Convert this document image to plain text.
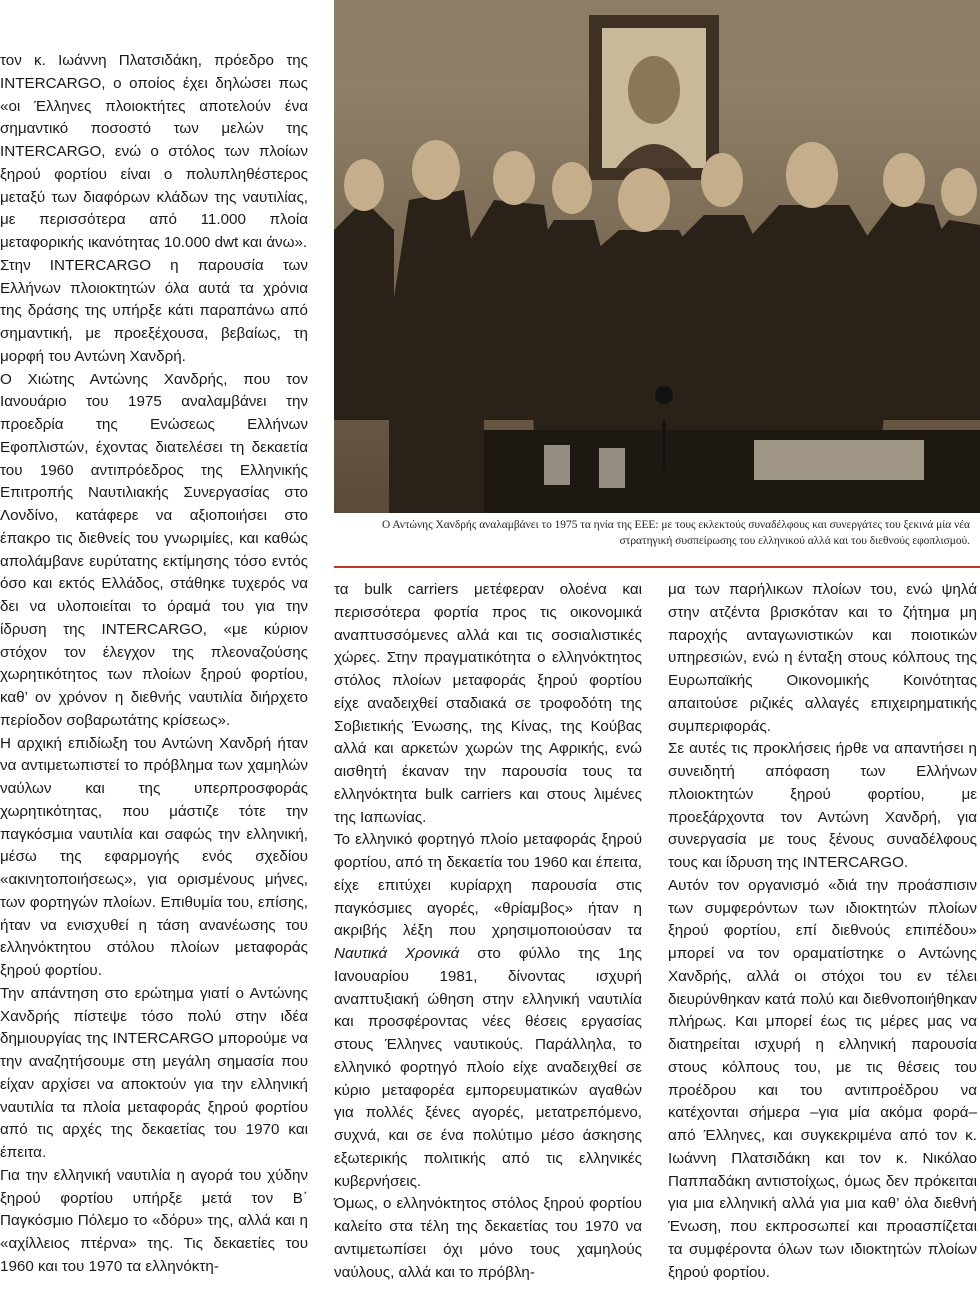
τον κ. Ιωάννη Πλατσιδάκη, πρόεδρο της INTERCARGO, ο οποίος έχει δηλώσει πως «οι Έλληνες πλοιοκτήτες αποτελούν ένα σημαντικό ποσοστό των μελών της INTERCARGO, ενώ ο στόλος των πλοίων ξηρού φορτίου είναι ο πολυπληθέστερος μεταξύ των διαφόρων κλάδων της ναυτιλίας, με περισσότερα από 11.000 πλοία μεταφορικής ικανότητας 10.000 dwt και άνω».

Στην INTERCARGO η παρουσία των Ελλήνων πλοιοκτητών όλα αυτά τα χρόνια της δράσης της υπήρξε κάτι παραπάνω από σημαντική, με προεξέχουσα, βεβαίως, τη μορφή του Αντώνη Χανδρή.

Ο Χιώτης Αντώνης Χανδρής, που τον Ιανουάριο του 1975 αναλαμβάνει την προεδρία της Ενώσεως Ελλήνων Εφοπλιστών, έχοντας διατελέσει τη δεκαετία του 1960 αντιπρόεδρος της Ελληνικής Επιτροπής Ναυτιλιακής Συνεργασίας στο Λονδίνο, κατάφερε να αξιοποιήσει στο έπακρο τις διεθνείς του γνωριμίες, και καθώς απολάμβανε ευρύτατης εκτίμησης τόσο εντός όσο και εκτός Ελλάδος, στάθηκε τυχερός να δει να υλοποιείται το όραμά του για την ίδρυση της INTERCARGO, «με κύριον στόχον τον έλεγχον της πλεοναζούσης χωρητικότητος των πλοίων ξηρού φορτίου, καθ’ ον χρόνον η διεθνής ναυτιλία διήρχετο περίοδον σοβαρωτάτης κρίσεως».

Η αρχική επιδίωξη του Αντώνη Χανδρή ήταν να αντιμετωπιστεί το πρόβλημα των χαμηλών ναύλων και της υπερπροσφοράς χωρητικότητας, που μάστιζε τότε την παγκόσμια ναυτιλία και σαφώς την ελληνική, μέσω της εφαρμογής ενός σχεδίου «ακινητοποιήσεως», για ορισμένους μήνες, των φορτηγών πλοίων. Επιθυμία του, επίσης, ήταν να ενισχυθεί η τάση ανανέωσης του ελληνόκτητου στόλου πλοίων μεταφοράς ξηρού φορτίου.

Την απάντηση στο ερώτημα γιατί ο Αντώνης Χανδρής πίστεψε τόσο πολύ στην ιδέα δημιουργίας της INTERCARGO μπορούμε να την αναζητήσουμε στη μεγάλη σημασία που είχαν αρχίσει να αποκτούν για την ελληνική ναυτιλία τα πλοία μεταφοράς ξηρού φορτίου από τις αρχές της δεκαετίας του 1970 και έπειτα.

Για την ελληνική ναυτιλία η αγορά του χύδην ξηρού φορτίου υπήρξε μετά τον Β΄ Παγκόσμιο Πόλεμο το «δόρυ» της, αλλά και η «αχίλλειος πτέρνα» της. Τις δεκαετίες του 1960 και του 1970 τα ελληνόκτη-

Ο Αντώνης Χανδρής αναλαμβάνει το 1975 τα ηνία της ΕΕΕ: με τους εκλεκτούς συναδέλφους και συνεργάτες του ξεκινά μία νέα στρατηγική συσπείρωσης του ελληνικού αλλά και του διεθνούς εφοπλισμού.

τα bulk carriers μετέφεραν ολοένα και περισσότερα φορτία προς τις οικονομικά αναπτυσσόμενες αλλά και τις σοσιαλιστικές χώρες. Στην πραγματικότητα ο ελληνόκτητος στόλος πλοίων μεταφοράς ξηρού φορτίου είχε αναδειχθεί σταδιακά σε τροφοδότη της Σοβιετικής Ένωσης, της Κίνας, της Κούβας αλλά και αρκετών χωρών της Αφρικής, ενώ αισθητή έκαναν την παρουσία τους τα ελληνόκτητα bulk carriers και στους λιμένες της Ιαπωνίας.

Το ελληνικό φορτηγό πλοίο μεταφοράς ξηρού φορτίου, από τη δεκαετία του 1960 και έπειτα, είχε επιτύχει κυρίαρχη παρουσία στις παγκόσμιες αγορές, «θρίαμβος» ήταν η ακριβής λέξη που χρησιμοποιούσαν τα Ναυτικά Χρονικά στο φύλλο της 1ης Ιανουαρίου 1981, δίνοντας ισχυρή αναπτυξιακή ώθηση στην ελληνική ναυτιλία και προσφέροντας νέες θέσεις εργασίας στους Έλληνες ναυτικούς. Παράλληλα, το ελληνικό φορτηγό πλοίο είχε αναδειχθεί σε κύριο μεταφορέα εμπορευματικών αγαθών για πολλές ξένες αγορές, μετατρεπόμενο, συχνά, και σε ένα πολύτιμο μέσο άσκησης εξωτερικής πολιτικής από τις ελληνικές κυβερνήσεις.

Όμως, ο ελληνόκτητος στόλος ξηρού φορτίου καλείτο στα τέλη της δεκαετίας του 1970 να αντιμετωπίσει όχι μόνο τους χαμηλούς ναύλους, αλλά και το πρόβλη-

μα των παρήλικων πλοίων του, ενώ ψηλά στην ατζέντα βρισκόταν και το ζήτημα μη παροχής ανταγωνιστικών και ποιοτικών υπηρεσιών, ενώ η ένταξη στους κόλπους της Ευρωπαϊκής Οικονομικής Κοινότητας απαιτούσε ριζικές αλλαγές επιχειρηματικής συμπεριφοράς.

Σε αυτές τις προκλήσεις ήρθε να απαντήσει η συνειδητή απόφαση των Ελλήνων πλοιοκτητών ξηρού φορτίου, με προεξάρχοντα τον Αντώνη Χανδρή, για συνεργασία με τους ξένους συναδέλφους τους και ίδρυση της INTERCARGO.

Αυτόν τον οργανισμό «διά την προάσπισιν των συμφερόντων των ιδιοκτητών πλοίων ξηρού φορτίου, επί διεθνούς επιπέδου» μπορεί να τον οραματίστηκε ο Αντώνης Χανδρής, αλλά οι στόχοι του εν τέλει διευρύνθηκαν κατά πολύ και διεθνοποιήθηκαν πλήρως. Και μπορεί έως τις μέρες μας να διατηρείται ισχυρή η ελληνική παρουσία στους κόλπους του, με τις θέσεις του προέδρου και του αντιπροέδρου να κατέχονται σήμερα –για μία ακόμα φορά– από Έλληνες, και συγκεκριμένα από τον κ. Ιωάννη Πλατσιδάκη και τον κ. Νικόλαο Παππαδάκη αντιστοίχως, όμως δεν πρόκειται για μια ελληνική αλλά για μια καθ’ όλα διεθνή Ένωση, που εκπροσωπεί και προασπίζεται τα συμφέροντα όλων των ιδιοκτητών πλοίων ξηρού φορτίου.
